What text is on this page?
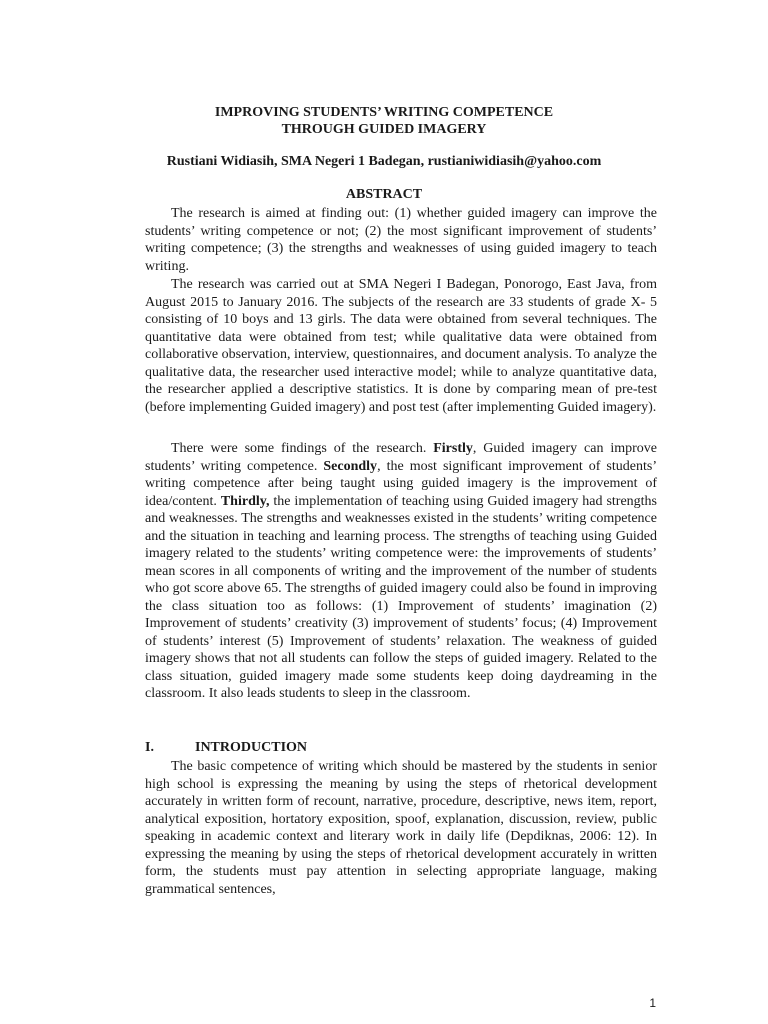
IMPROVING STUDENTS’ WRITING COMPETENCE
THROUGH GUIDED IMAGERY
Rustiani Widiasih, SMA Negeri 1 Badegan, rustianiwidiasih@yahoo.com
ABSTRACT
The research is aimed at finding out: (1) whether guided imagery can improve the students’ writing competence or not; (2) the most significant improvement of students’ writing competence; (3) the strengths and weaknesses of using guided imagery to teach writing.
The research was carried out at SMA Negeri I Badegan, Ponorogo, East Java, from August 2015 to January 2016. The subjects of the research are 33 students of grade X- 5 consisting of 10 boys and 13 girls. The data were obtained from several techniques. The quantitative data were obtained from test; while qualitative data were obtained from collaborative observation, interview, questionnaires, and document analysis. To analyze the qualitative data, the researcher used interactive model; while to analyze quantitative data, the researcher applied a descriptive statistics. It is done by comparing mean of pre-test (before implementing Guided imagery) and post test (after implementing Guided imagery).
There were some findings of the research. Firstly, Guided imagery can improve students’ writing competence. Secondly, the most significant improvement of students’ writing competence after being taught using guided imagery is the improvement of idea/content. Thirdly, the implementation of teaching using Guided imagery had strengths and weaknesses. The strengths and weaknesses existed in the students’ writing competence and the situation in teaching and learning process. The strengths of teaching using Guided imagery related to the students’ writing competence were: the improvements of students’ mean scores in all components of writing and the improvement of the number of students who got score above 65. The strengths of guided imagery could also be found in improving the class situation too as follows: (1) Improvement of students’ imagination (2) Improvement of students’ creativity (3) improvement of students’ focus; (4) Improvement of students’ interest (5) Improvement of students’ relaxation. The weakness of guided imagery shows that not all students can follow the steps of guided imagery. Related to the class situation, guided imagery made some students keep doing daydreaming in the classroom. It also leads students to sleep in the classroom.
I.	INTRODUCTION
The basic competence of writing which should be mastered by the students in senior high school is expressing the meaning by using the steps of rhetorical development accurately in written form of recount, narrative, procedure, descriptive, news item, report, analytical exposition, hortatory exposition, spoof, explanation, discussion, review, public speaking in academic context and literary work in daily life (Depdiknas, 2006: 12). In expressing the meaning by using the steps of rhetorical development accurately in written form, the students must pay attention in selecting appropriate language, making grammatical sentences,
1
